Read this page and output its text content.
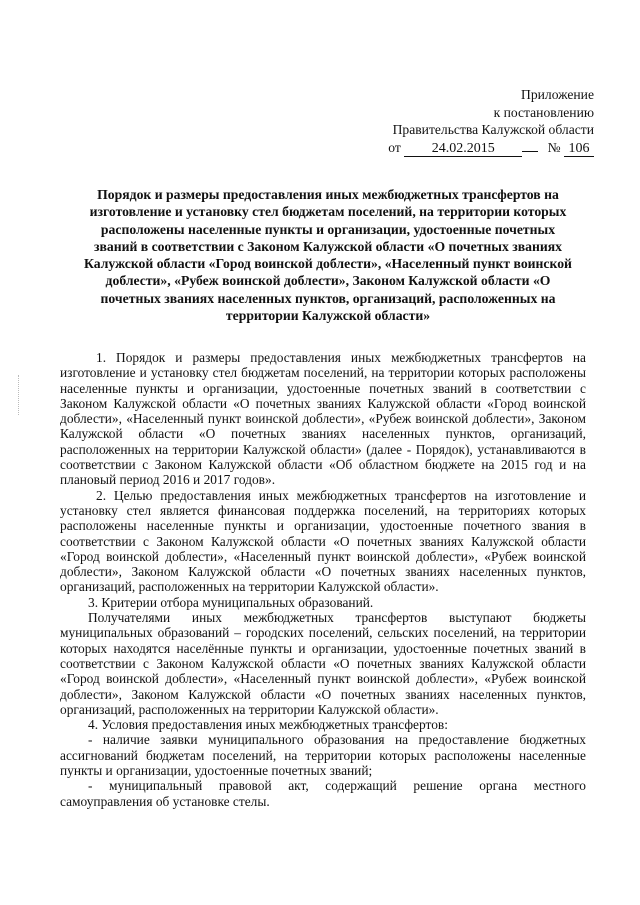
Приложение
к постановлению
Правительства Калужской области
от 24.02.2015	№ 106
Порядок и размеры предоставления иных межбюджетных трансфертов на изготовление и установку стел бюджетам поселений, на территории которых расположены населенные пункты и организации, удостоенные почетных званий в соответствии с Законом Калужской области «О почетных званиях Калужской области «Город воинской доблести», «Населенный пункт воинской доблести», «Рубеж воинской доблести», Законом Калужской области «О почетных званиях населенных пунктов, организаций, расположенных на территории Калужской области»

1. Порядок и размеры предоставления иных межбюджетных трансфертов на изготовление и установку стел бюджетам поселений, на территории которых расположены населенные пункты и организации, удостоенные почетных званий в соответствии с Законом Калужской области «О почетных званиях Калужской области «Город воинской доблести», «Населенный пункт воинской доблести», «Рубеж воинской доблести», Законом Калужской области «О почетных званиях населенных пунктов, организаций, расположенных на территории Калужской области» (далее - Порядок), устанавливаются в соответствии с Законом Калужской области «Об областном бюджете на 2015 год и на плановый период 2016 и 2017 годов».

2. Целью предоставления иных межбюджетных трансфертов на изготовление и установку стел является финансовая поддержка поселений, на территориях которых расположены населенные пункты и организации, удостоенные почетного звания в соответствии с Законом Калужской области «О почетных званиях Калужской области «Город воинской доблести», «Населенный пункт воинской доблести», «Рубеж воинской доблести», Законом Калужской области «О почетных званиях населенных пунктов, организаций, расположенных на территории Калужской области».

3. Критерии отбора муниципальных образований.

Получателями иных межбюджетных трансфертов выступают бюджеты муниципальных образований – городских поселений, сельских поселений, на территории которых находятся населённые пункты и организации, удостоенные почетных званий в соответствии с Законом Калужской области «О почетных званиях Калужской области «Город воинской доблести», «Населенный пункт воинской доблести», «Рубеж воинской доблести», Законом Калужской области «О почетных званиях населенных пунктов, организаций, расположенных на территории Калужской области».

4. Условия предоставления иных межбюджетных трансфертов:

- наличие заявки муниципального образования на предоставление бюджетных ассигнований бюджетам поселений, на территории которых расположены населенные пункты и организации, удостоенные почетных званий;

- муниципальный правовой акт, содержащий решение органа местного самоуправления об установке стелы.
